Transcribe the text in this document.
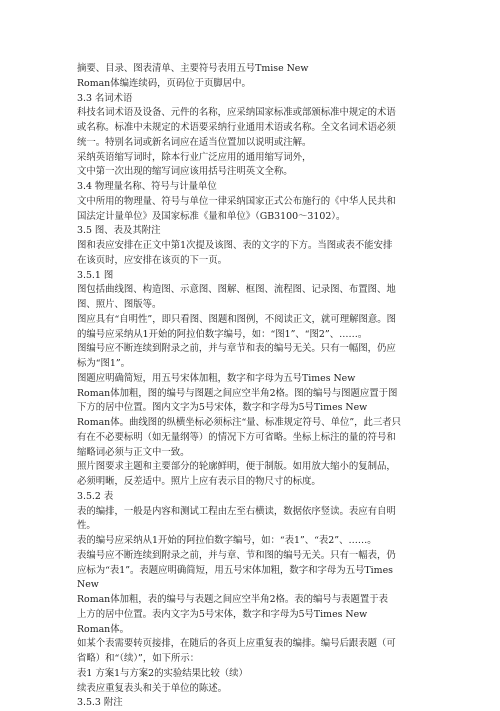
摘要、目录、图表清单、主要符号表用五号Tmise New
Roman体编连续码，页码位于页脚居中。
3.3 名词术语
科技名词术语及设备、元件的名称，应采纳国家标准或部颁标准中规定的术语
或名称。标准中未规定的术语要采纳行业通用术语或名称。全文名词术语必须
统一。特别名词或新名词应在适当位置加以说明或注解。
采纳英语缩写词时，除本行业广泛应用的通用缩写词外，
文中第一次出现的缩写词应该用括号注明英文全称。
3.4 物理量名称、符号与计量单位
文中所用的物理量、符号与单位一律采纳国家正式公布施行的《中华人民共和
国法定计量单位》及国家标准《量和单位》（GB3100～3102）。
3.5 图、表及其附注
图和表应安排在正文中第1次提及该图、表的文字的下方。当图或表不能安排
在该页时，应安排在该页的下一页。
3.5.1 图
图包括曲线图、构造图、示意图、图解、框图、流程图、记录图、布置图、地
图、照片、图版等。
图应具有“自明性”，即只看图、图题和图例，不阅读正文，就可理解图意。图
的编号应采纳从1开始的阿拉伯数字编号，如：“图1”、“图2”、……。
图编号应不断连续到附录之前，并与章节和表的编号无关。只有一幅图，仍应
标为“图1”。
图题应明确简短，用五号宋体加粗，数字和字母为五号Times New
Roman体加粗，图的编号与图题之间应空半角2格。图的编号与图题应置于图
下方的居中位置。图内文字为5号宋体，数字和字母为5号Times New
Roman体。曲线图的纵横坐标必须标注“量、标准规定符号、单位”，此三者只
有在不必要标明（如无量纲等）的情况下方可省略。坐标上标注的量的符号和
缩略词必须与正文中一致。
照片图要求主题和主要部分的轮廓鲜明，便于制版。如用放大缩小的复制品，
必须明晰，反差适中。照片上应有表示目的物尺寸的标度。
3.5.2 表
表的编排，一般是内容和测试工程由左至右横读，数据依序竖读。表应有自明
性。
表的编号应采纳从1开始的阿拉伯数字编号，如：“表1”、“表2”、……。
表编号应不断连续到附录之前，并与章、节和图的编号无关。只有一幅表，仍
应标为“表1”。表题应明确简短，用五号宋体加粗，数字和字母为五号Times
New
Roman体加粗，表的编号与表题之间应空半角2格。表的编号与表题置于表
上方的居中位置。表内文字为5号宋体，数字和字母为5号Times New
Roman体。
如某个表需要转页接排，在随后的各页上应重复表的编排。编号后跟表题（可
省略）和“（续）”，如下所示：
表1 方案1与方案2的实验结果比较（续）
续表应重复表头和关于单位的陈述。
3.5.3 附注
